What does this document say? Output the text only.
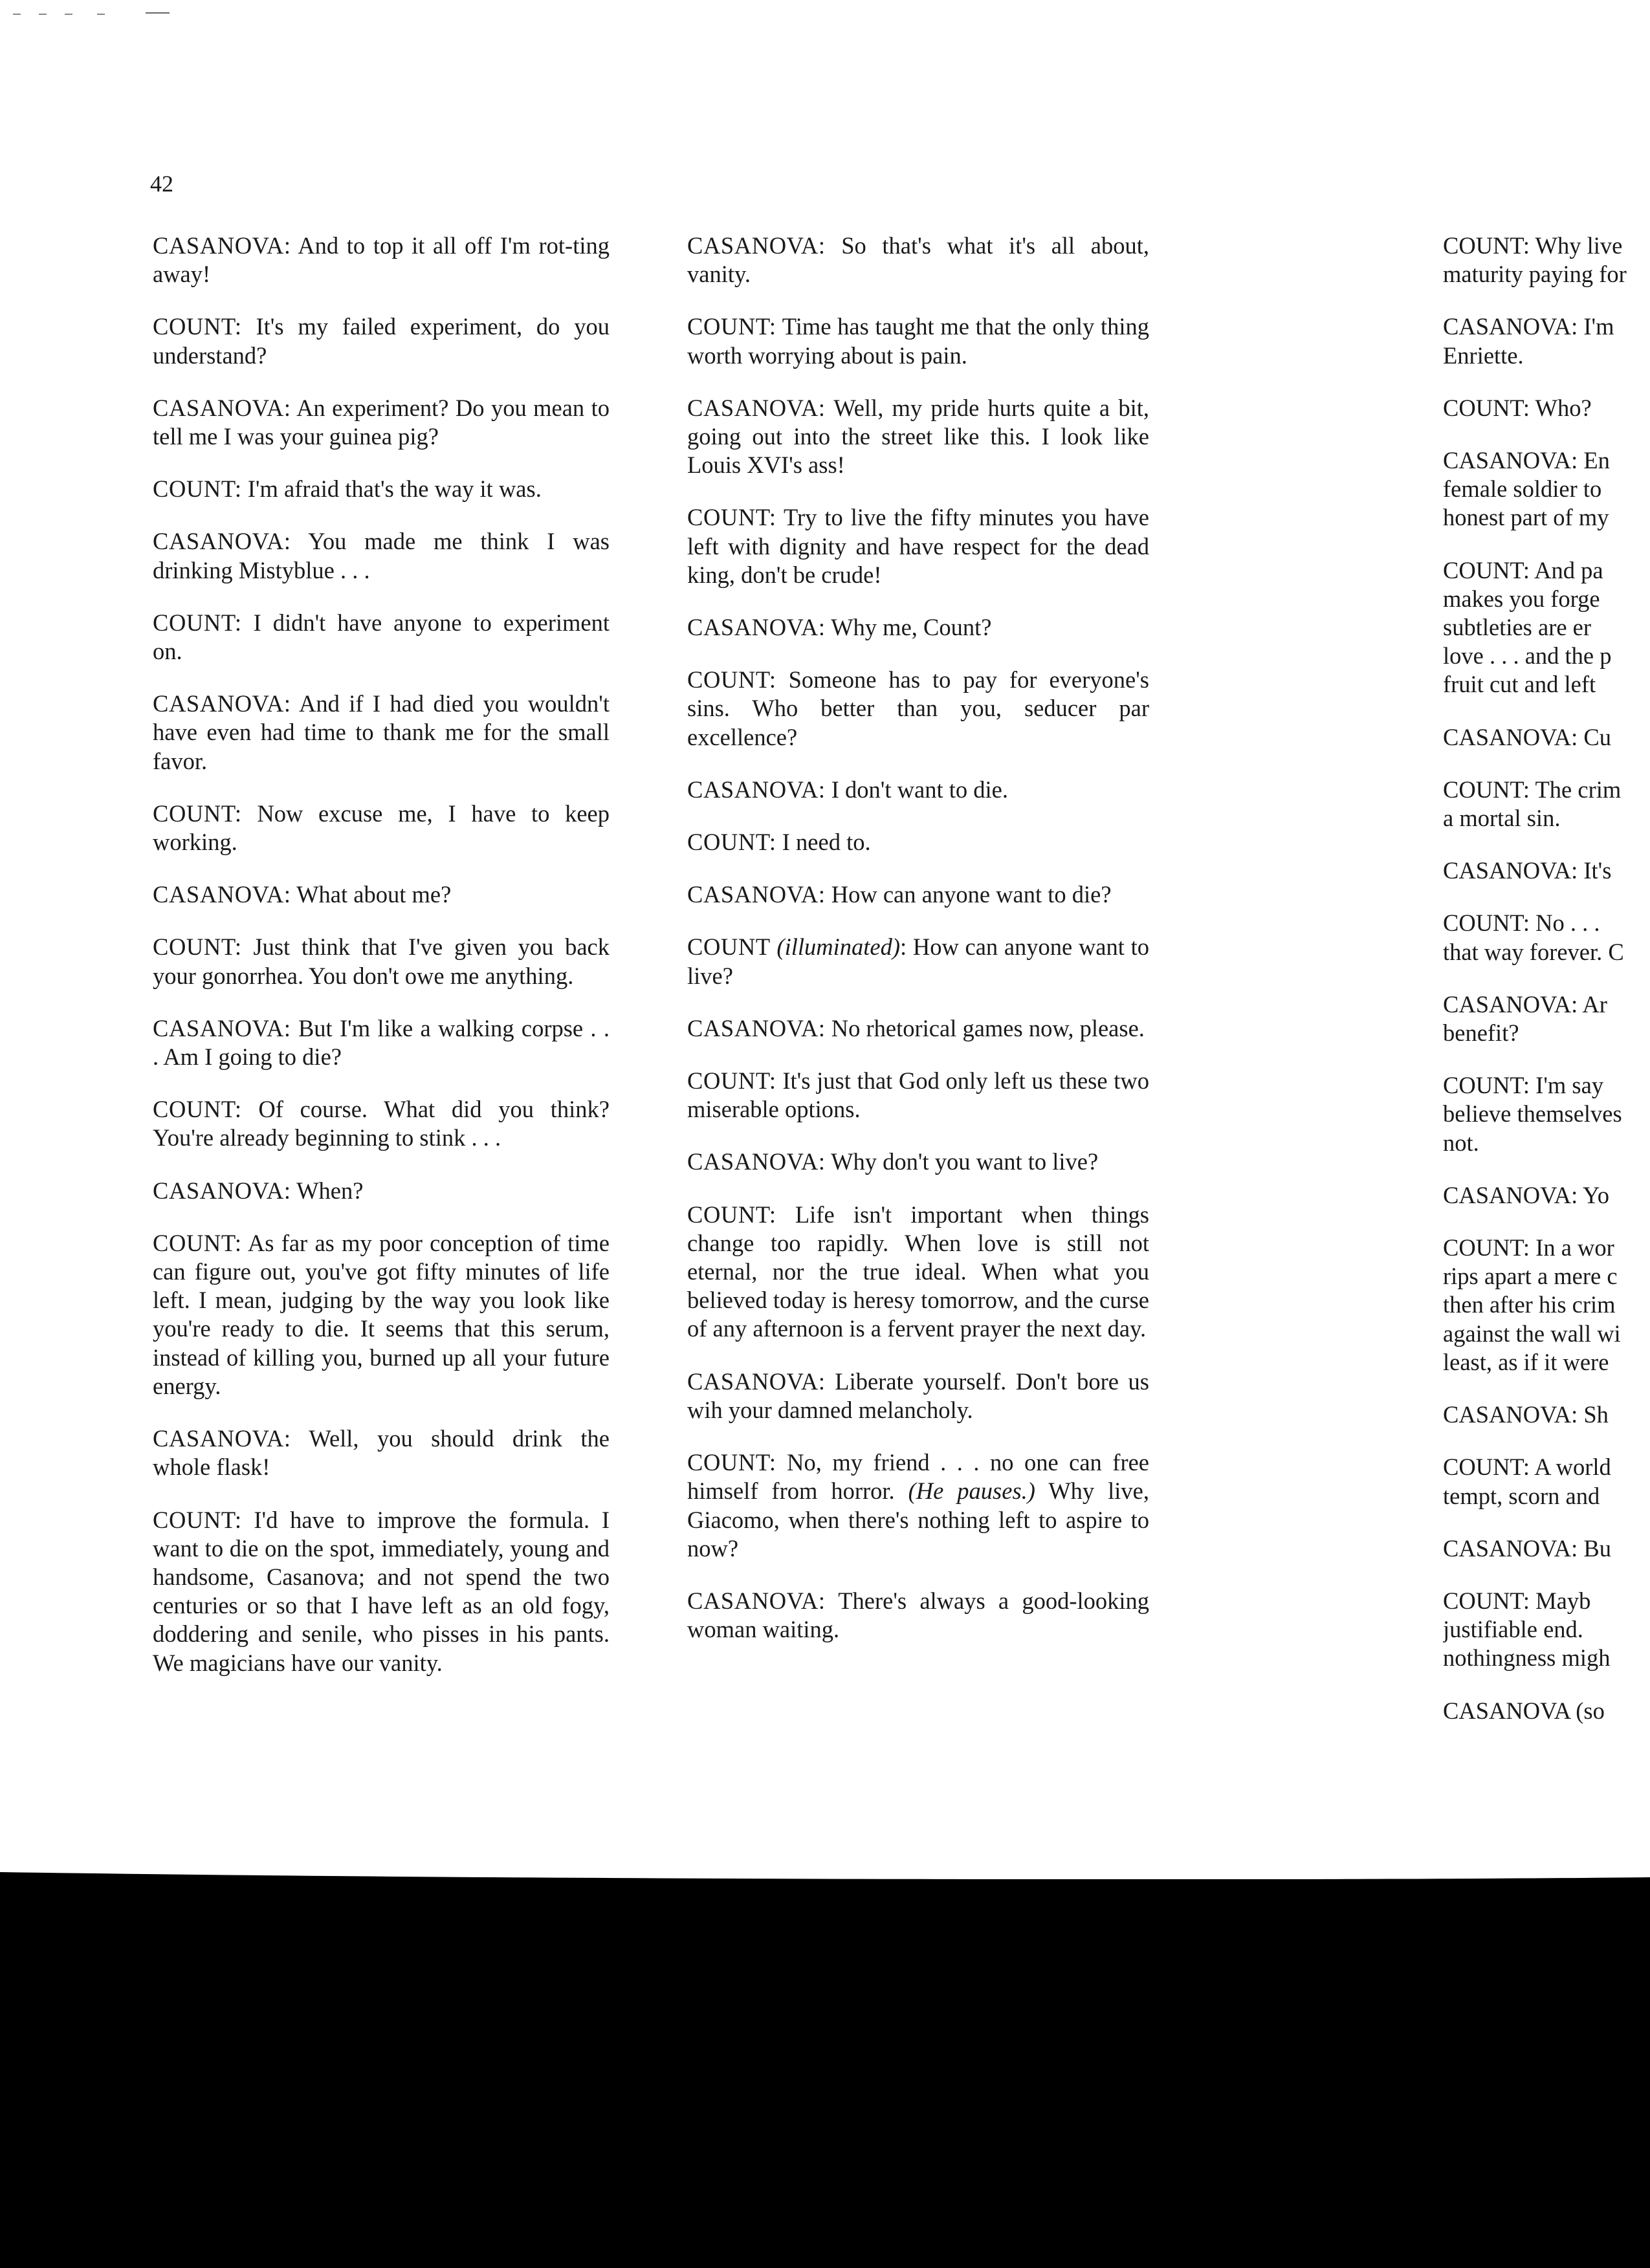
42

CASANOVA: And to top it all off I'm rot-ting away!

COUNT: It's my failed experiment, do you understand?

CASANOVA: An experiment? Do you mean to tell me I was your guinea pig?

COUNT: I'm afraid that's the way it was.

CASANOVA: You made me think I was drinking Mistyblue . . .

COUNT: I didn't have anyone to experiment on.

CASANOVA: And if I had died you wouldn't have even had time to thank me for the small favor.

COUNT: Now excuse me, I have to keep working.

CASANOVA: What about me?

COUNT: Just think that I've given you back your gonorrhea. You don't owe me anything.

CASANOVA: But I'm like a walking corpse . . . Am I going to die?

COUNT: Of course. What did you think? You're already beginning to stink . . .

CASANOVA: When?

COUNT: As far as my poor conception of time can figure out, you've got fifty minutes of life left. I mean, judging by the way you look like you're ready to die. It seems that this serum, instead of killing you, burned up all your future energy.

CASANOVA: Well, you should drink the whole flask!

COUNT: I'd have to improve the formula. I want to die on the spot, immediately, young and handsome, Casanova; and not spend the two centuries or so that I have left as an old fogy, doddering and senile, who pisses in his pants. We magicians have our vanity.

CASANOVA: So that's what it's all about, vanity.

COUNT: Time has taught me that the only thing worth worrying about is pain.

CASANOVA: Well, my pride hurts quite a bit, going out into the street like this. I look like Louis XVI's ass!

COUNT: Try to live the fifty minutes you have left with dignity and have respect for the dead king, don't be crude!

CASANOVA: Why me, Count?

COUNT: Someone has to pay for everyone's sins. Who better than you, seducer par excellence?

CASANOVA: I don't want to die.

COUNT: I need to.

CASANOVA: How can anyone want to die?

COUNT (illuminated): How can anyone want to live?

CASANOVA: No rhetorical games now, please.

COUNT: It's just that God only left us these two miserable options.

CASANOVA: Why don't you want to live?

COUNT: Life isn't important when things change too rapidly. When love is still not eternal, nor the true ideal. When what you believed today is heresy tomorrow, and the curse of any afternoon is a fervent prayer the next day.

CASANOVA: Liberate yourself. Don't bore us wih your damned melancholy.

COUNT: No, my friend . . . no one can free himself from horror. (He pauses.) Why live, Giacomo, when there's nothing left to aspire to now?

CASANOVA: There's always a good-looking woman waiting.

COUNT: Why live
maturity paying for

CASANOVA: I'm
Enriette.

COUNT: Who?

CASANOVA: En
female soldier to
honest part of my

COUNT: And pa
makes you forge
subtleties are er
love . . . and the p
fruit cut and left

CASANOVA: Cu

COUNT: The crim
a mortal sin.

CASANOVA: It's

COUNT: No . . .
that way forever. C

CASANOVA: Ar
benefit?

COUNT: I'm say
believe themselves
not.

CASANOVA: Yo

COUNT: In a wor
rips apart a mere c
then after his crim
against the wall wi
least, as if it were

CASANOVA: Sh

COUNT: A world
tempt, scorn and

CASANOVA: Bu

COUNT: Mayb
justifiable end.
nothingness migh

CASANOVA (so
